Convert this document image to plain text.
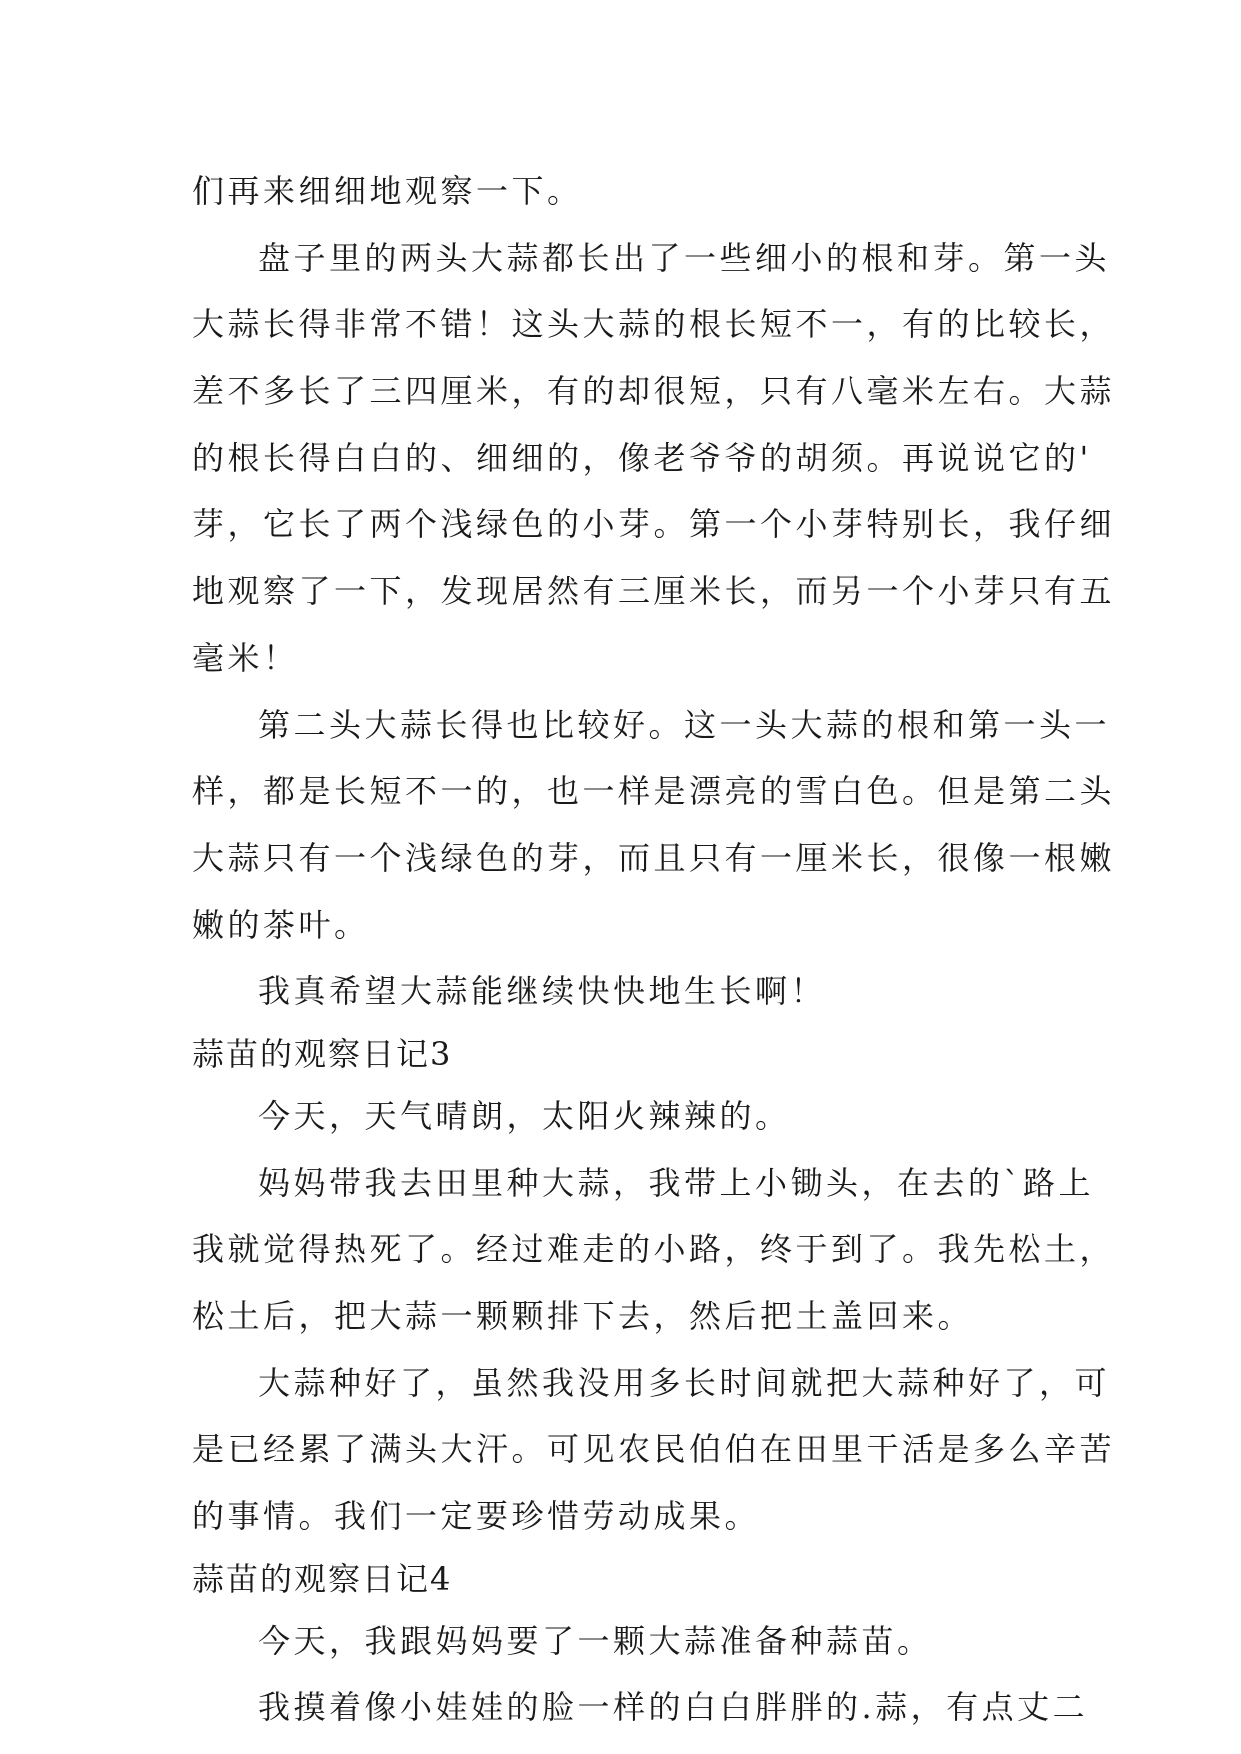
们再来细细地观察一下。
盘子里的两头大蒜都长出了一些细小的根和芽。第一头
大蒜长得非常不错！这头大蒜的根长短不一，有的比较长，
差不多长了三四厘米，有的却很短，只有八毫米左右。大蒜
的根长得白白的、细细的，像老爷爷的胡须。再说说它的'
芽，它长了两个浅绿色的小芽。第一个小芽特别长，我仔细
地观察了一下，发现居然有三厘米长，而另一个小芽只有五
毫米！
第二头大蒜长得也比较好。这一头大蒜的根和第一头一
样，都是长短不一的，也一样是漂亮的雪白色。但是第二头
大蒜只有一个浅绿色的芽，而且只有一厘米长，很像一根嫩
嫩的茶叶。
我真希望大蒜能继续快快地生长啊！
蒜苗的观察日记3
今天，天气晴朗，太阳火辣辣的。
妈妈带我去田里种大蒜，我带上小锄头，在去的`路上
我就觉得热死了。经过难走的小路，终于到了。我先松土，
松土后，把大蒜一颗颗排下去，然后把土盖回来。
大蒜种好了，虽然我没用多长时间就把大蒜种好了，可
是已经累了满头大汗。可见农民伯伯在田里干活是多么辛苦
的事情。我们一定要珍惜劳动成果。
蒜苗的观察日记4
今天，我跟妈妈要了一颗大蒜准备种蒜苗。
我摸着像小娃娃的脸一样的白白胖胖的.蒜，有点丈二
